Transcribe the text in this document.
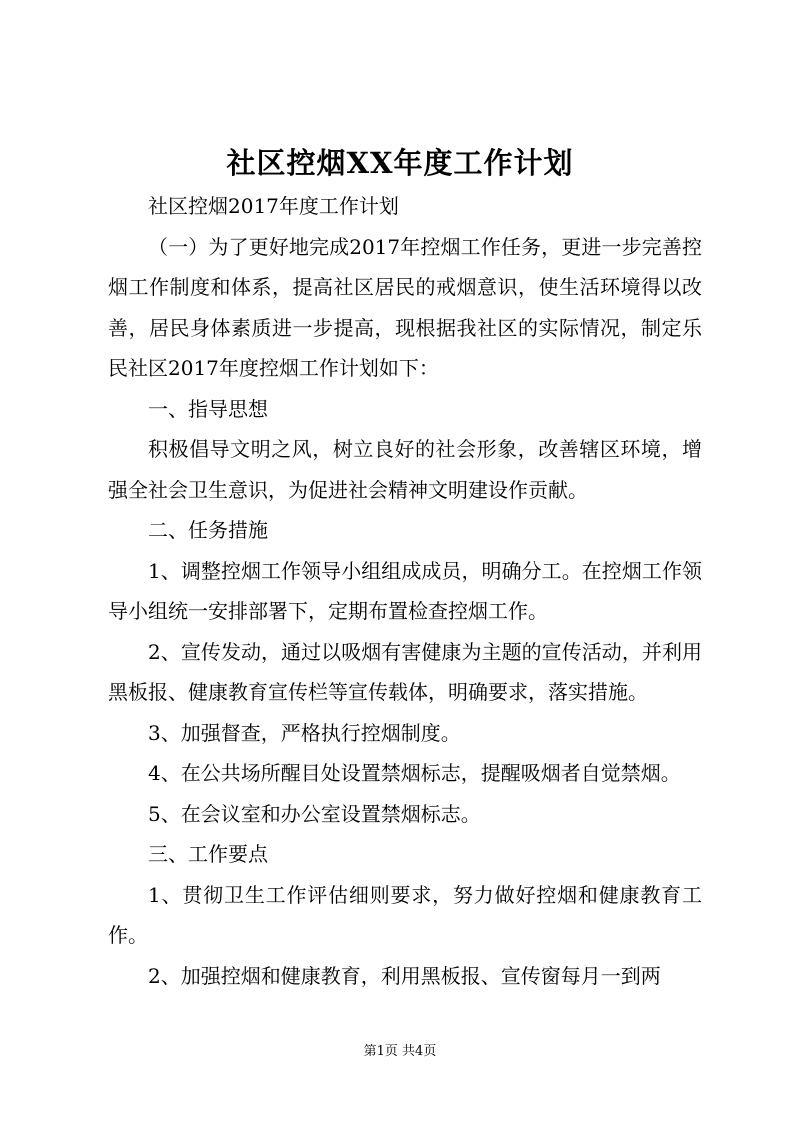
社区控烟XX年度工作计划

社区控烟2017年度工作计划

（一）为了更好地完成2017年控烟工作任务，更进一步完善控烟工作制度和体系，提高社区居民的戒烟意识，使生活环境得以改善，居民身体素质进一步提高，现根据我社区的实际情况，制定乐民社区2017年度控烟工作计划如下：

一、指导思想

积极倡导文明之风，树立良好的社会形象，改善辖区环境，增强全社会卫生意识，为促进社会精神文明建设作贡献。

二、任务措施

1、调整控烟工作领导小组组成成员，明确分工。在控烟工作领导小组统一安排部署下，定期布置检查控烟工作。

2、宣传发动，通过以吸烟有害健康为主题的宣传活动，并利用黑板报、健康教育宣传栏等宣传载体，明确要求，落实措施。

3、加强督查，严格执行控烟制度。

4、在公共场所醒目处设置禁烟标志，提醒吸烟者自觉禁烟。

5、在会议室和办公室设置禁烟标志。

三、工作要点

1、贯彻卫生工作评估细则要求，努力做好控烟和健康教育工作。

2、加强控烟和健康教育，利用黑板报、宣传窗每月一到两

第1页 共4页
